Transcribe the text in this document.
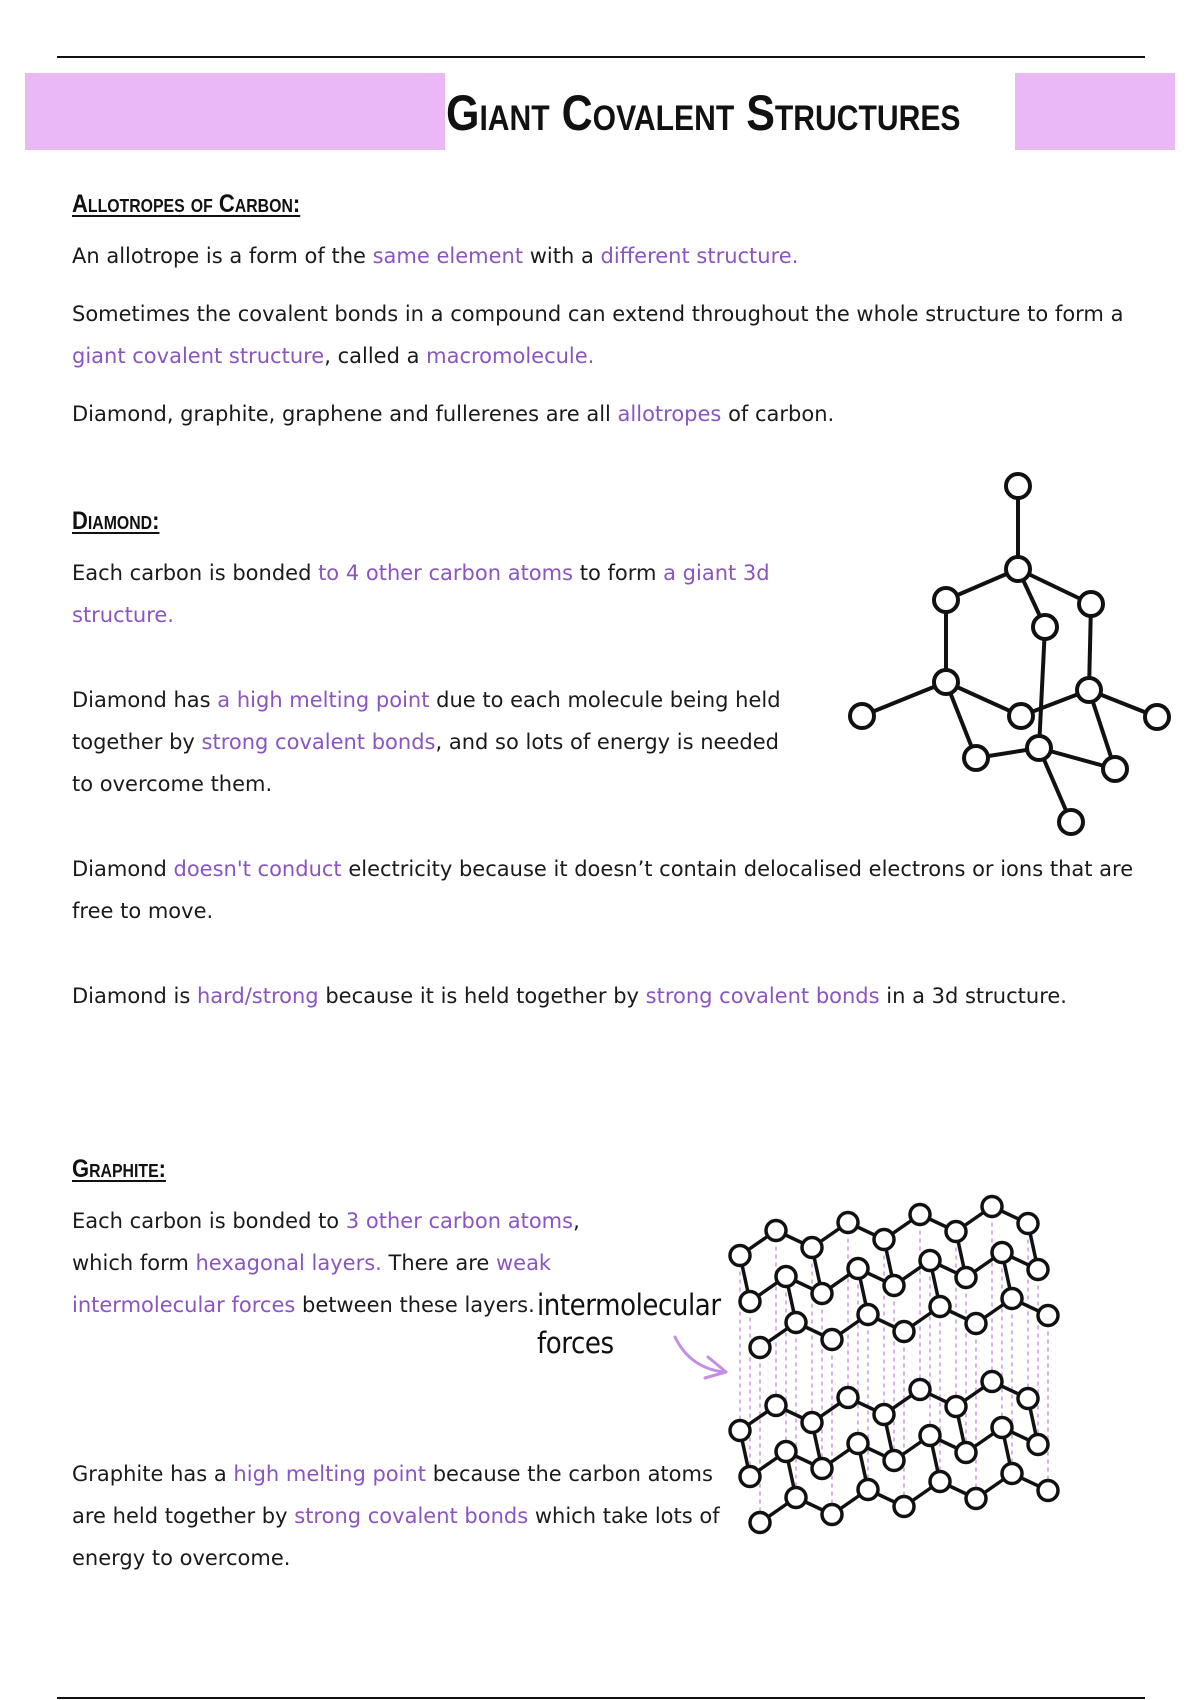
Giant Covalent Structures
Allotropes of Carbon:

An allotrope is a form of the same element with a different structure.

Sometimes the covalent bonds in a compound can extend throughout the whole structure to form a giant covalent structure, called a macromolecule.

Diamond, graphite, graphene and fullerenes are all allotropes of carbon.

Diamond:

Each carbon is bonded to 4 other carbon atoms to form a giant 3d structure.

Diamond has a high melting point due to each molecule being held together by strong covalent bonds, and so lots of energy is needed to overcome them.

Diamond doesn't conduct electricity because it doesn’t contain delocalised electrons or ions that are free to move.

Diamond is hard/strong because it is held together by strong covalent bonds in a 3d structure.

Graphite:

Each carbon is bonded to 3 other carbon atoms, which form hexagonal layers. There are weak intermolecular forces between these layers.

Graphite has a high melting point because the carbon atoms are held together by strong covalent bonds which take lots of energy to overcome.

intermolecular
forces
